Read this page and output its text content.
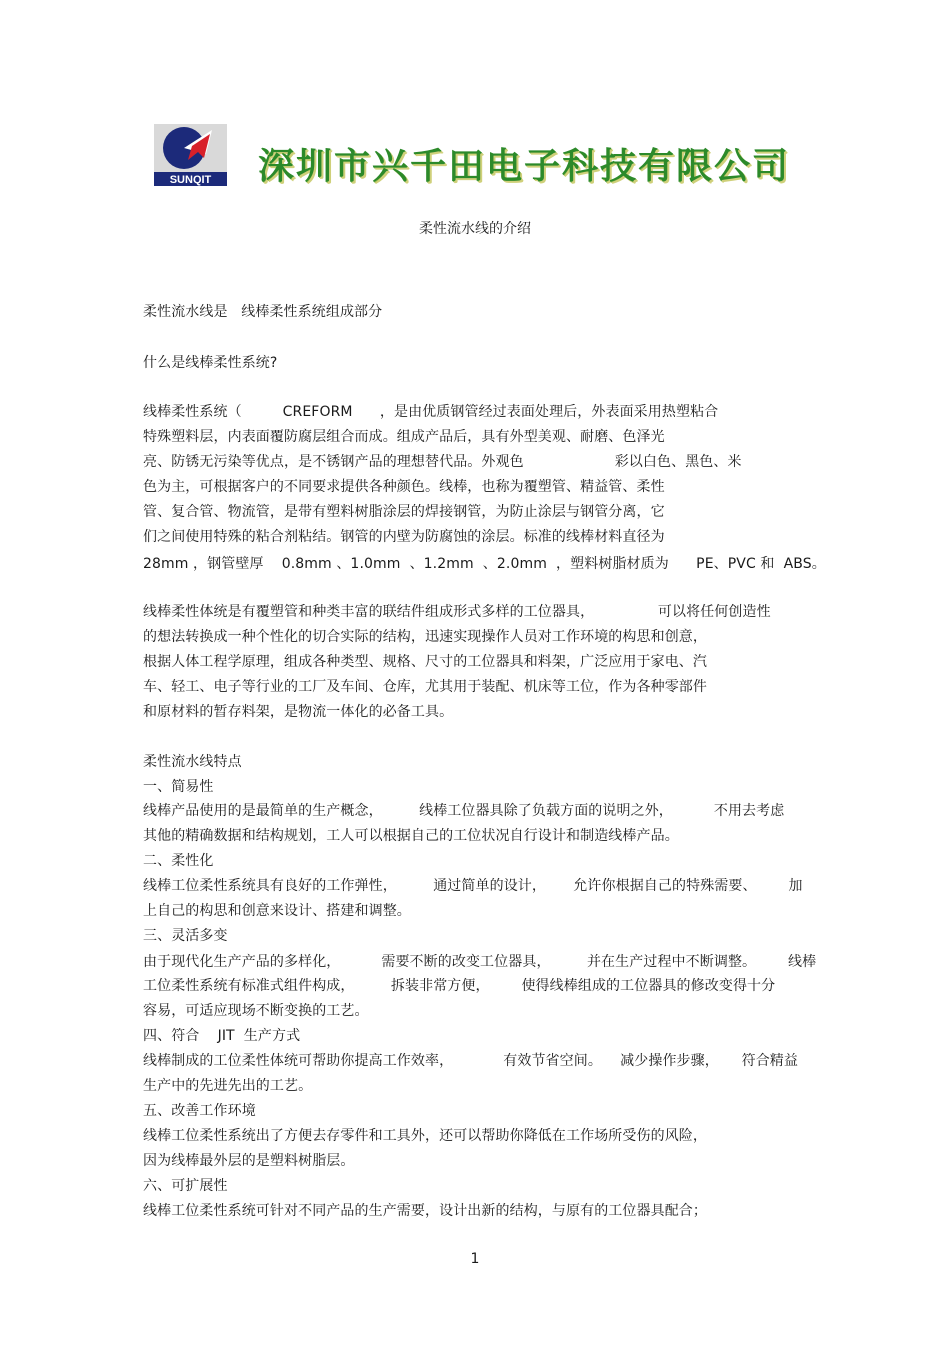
SUNQIT 深圳市兴千田电子科技有限公司
柔性流水线的介绍
柔性流水线是   线棒柔性系统组成部分
什么是线棒柔性系统?
线棒柔性系统（         CREFORM      ，是由优质钢管经过表面处理后，外表面采用热塑粘合
特殊塑料层，内表面覆防腐层组合而成。组成产品后，具有外型美观、耐磨、色泽光
亮、防锈无污染等优点，是不锈钢产品的理想替代品。外观色                    彩以白色、黑色、米
色为主，可根据客户的不同要求提供各种颜色。线棒，也称为覆塑管、精益管、柔性
管、复合管、物流管，是带有塑料树脂涂层的焊接钢管，为防止涂层与钢管分离，它
们之间使用特殊的粘合剂粘结。钢管的内壁为防腐蚀的涂层。标准的线棒材料直径为
28mm ，钢管壁厚    0.8mm 、1.0mm  、1.2mm  、2.0mm  ，塑料树脂材质为      PE、PVC 和  ABS。
线棒柔性体统是有覆塑管和种类丰富的联结件组成形式多样的工位器具，              可以将任何创造性
的想法转换成一种个性化的切合实际的结构，迅速实现操作人员对工作环境的构思和创意，
根据人体工程学原理，组成各种类型、规格、尺寸的工位器具和料架，广泛应用于家电、汽
车、轻工、电子等行业的工厂及车间、仓库，尤其用于装配、机床等工位，作为各种零部件
和原材料的暂存料架，是物流一体化的必备工具。
柔性流水线特点
一、简易性
线棒产品使用的是最简单的生产概念，        线棒工位器具除了负载方面的说明之外，         不用去考虑
其他的精确数据和结构规划，工人可以根据自己的工位状况自行设计和制造线棒产品。
二、柔性化
线棒工位柔性系统具有良好的工作弹性，        通过简单的设计，      允许你根据自己的特殊需要、       加
上自己的构思和创意来设计、搭建和调整。
三、灵活多变
由于现代化生产产品的多样化，         需要不断的改变工位器具，        并在生产过程中不断调整。       线棒
工位柔性系统有标准式组件构成，        拆装非常方便，       使得线棒组成的工位器具的修改变得十分
容易，可适应现场不断变换的工艺。
四、符合    JIT  生产方式
线棒制成的工位柔性体统可帮助你提高工作效率，           有效节省空间。    减少操作步骤，     符合精益
生产中的先进先出的工艺。
五、改善工作环境
线棒工位柔性系统出了方便去存零件和工具外，还可以帮助你降低在工作场所受伤的风险，
因为线棒最外层的是塑料树脂层。
六、可扩展性
线棒工位柔性系统可针对不同产品的生产需要，设计出新的结构，与原有的工位器具配合；
1
